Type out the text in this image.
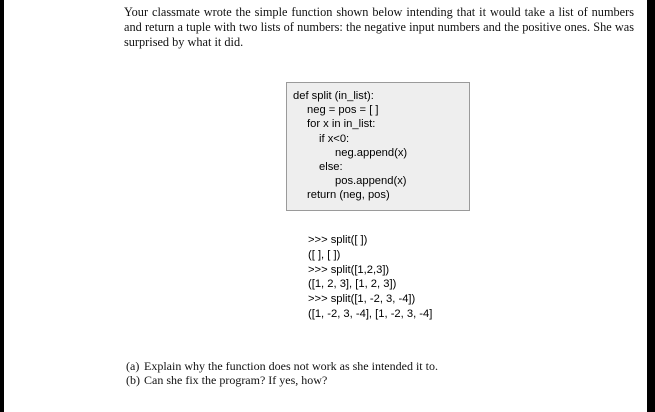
Your classmate wrote the simple function shown below intending that it would take a list of numbers and return a tuple with two lists of numbers: the negative input numbers and the positive ones. She was surprised by what it did.

def split (in_list):
neg = pos = [ ]
for x in in_list:
if x<0:
neg.append(x)
else:
pos.append(x)
return (neg, pos)
>>> split([ ])
([ ], [ ])
>>> split([1,2,3])
([1, 2, 3], [1, 2, 3])
>>> split([1, -2, 3, -4])
([1, -2, 3, -4], [1, -2, 3, -4]
(a) Explain why the function does not work as she intended it to.
(b) Can she fix the program? If yes, how?
